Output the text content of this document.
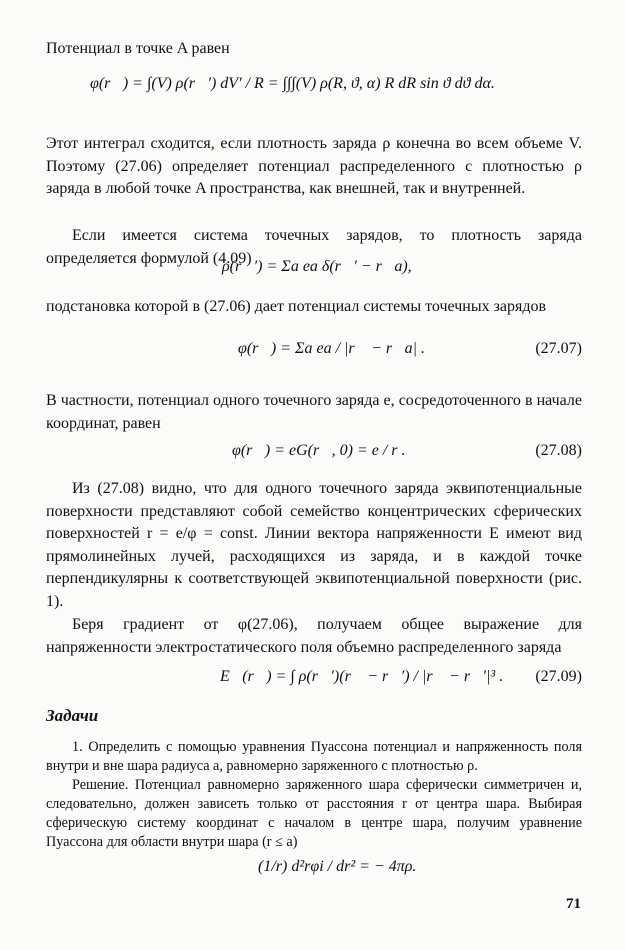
Потенциал в точке A равен

φ(r⃗) = ∫(V) ρ(r⃗′) dV′ / R = ∫∫∫(V) ρ(R, ϑ, α) R dR sin ϑ dϑ dα.

Этот интеграл сходится, если плотность заряда ρ конечна во всем объеме V. Поэтому (27.06) определяет потенциал распределенного с плотностью ρ заряда в любой точке A пространства, как внешней, так и внутренней.

Если имеется система точечных зарядов, то плотность заряда определяется формулой (4.09)

ρ(r⃗′) = Σa ea δ(r⃗′ − r⃗a),

подстановка которой в (27.06) дает потенциал системы точечных зарядов

φ(r⃗) = Σa ea / |r⃗ − r⃗a| .	(27.07)

В частности, потенциал одного точечного заряда e, сосредоточенного в начале координат, равен

φ(r⃗) = eG(r⃗, 0) = e / r .	(27.08)

Из (27.08) видно, что для одного точечного заряда эквипотенциальные поверхности представляют собой семейство концентрических сферических поверхностей r = e/φ = const. Линии вектора напряженности E имеют вид прямолинейных лучей, расходящихся из заряда, и в каждой точке перпендикулярны к соответствующей эквипотенциальной поверхности (рис. 1).

Беря градиент от φ(27.06), получаем общее выражение для напряженности электростатического поля объемно распределенного заряда

E⃗(r⃗) = ∫ ρ(r⃗′)(r⃗ − r⃗′) / |r⃗ − r⃗′|³ . (27.09)
Задачи

1. Определить с помощью уравнения Пуассона потенциал и напряженность поля внутри и вне шара радиуса a, равномерно заряженного с плотностью ρ.

Решение. Потенциал равномерно заряженного шара сферически симметричен и, следовательно, должен зависеть только от расстояния r от центра шара. Выбирая сферическую систему координат с началом в центре шара, получим уравнение Пуассона для области внутри шара (r ≤ a)

(1/r) d²rφi / dr² = − 4πρ.
71
